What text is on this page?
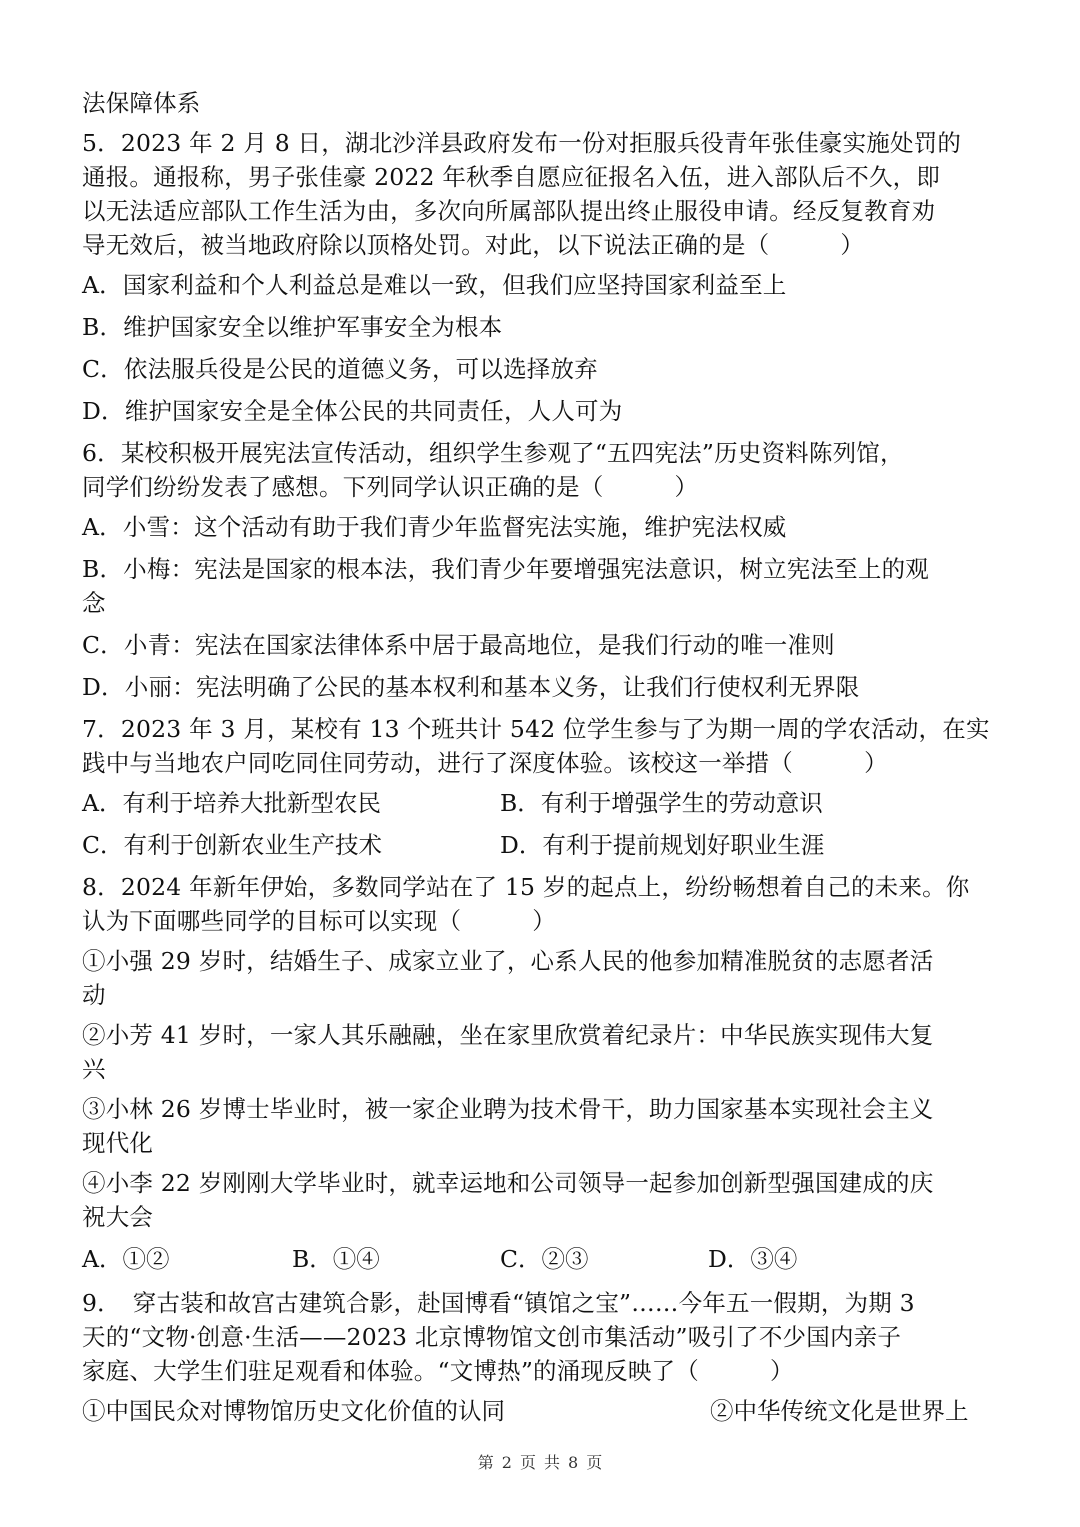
法保障体系
5．2023 年 2 月 8 日，湖北沙洋县政府发布一份对拒服兵役青年张佳豪实施处罚的
通报。通报称，男子张佳豪 2022 年秋季自愿应征报名入伍，进入部队后不久，即
以无法适应部队工作生活为由，多次向所属部队提出终止服役申请。经反复教育劝
导无效后，被当地政府除以顶格处罚。对此，以下说法正确的是（　　　）
A．国家利益和个人利益总是难以一致，但我们应坚持国家利益至上
B．维护国家安全以维护军事安全为根本
C．依法服兵役是公民的道德义务，可以选择放弃
D．维护国家安全是全体公民的共同责任，人人可为
6．某校积极开展宪法宣传活动，组织学生参观了“五四宪法”历史资料陈列馆，
同学们纷纷发表了感想。下列同学认识正确的是（　　　）
A．小雪：这个活动有助于我们青少年监督宪法实施，维护宪法权威
B．小梅：宪法是国家的根本法，我们青少年要增强宪法意识，树立宪法至上的观
念
C．小青：宪法在国家法律体系中居于最高地位，是我们行动的唯一准则
D．小丽：宪法明确了公民的基本权利和基本义务，让我们行使权利无界限
7．2023 年 3 月，某校有 13 个班共计 542 位学生参与了为期一周的学农活动，在实
践中与当地农户同吃同住同劳动，进行了深度体验。该校这一举措（　　　）
A．有利于培养大批新型农民	B．有利于增强学生的劳动意识
C．有利于创新农业生产技术	D．有利于提前规划好职业生涯
8．2024 年新年伊始，多数同学站在了 15 岁的起点上，纷纷畅想着自己的未来。你
认为下面哪些同学的目标可以实现（　　　）
①小强 29 岁时，结婚生子、成家立业了，心系人民的他参加精准脱贫的志愿者活
动
②小芳 41 岁时，一家人其乐融融，坐在家里欣赏着纪录片：中华民族实现伟大复
兴
③小林 26 岁博士毕业时，被一家企业聘为技术骨干，助力国家基本实现社会主义
现代化
④小李 22 岁刚刚大学毕业时，就幸运地和公司领导一起参加创新型强国建成的庆
祝大会
A．①②	B．①④	C．②③	D．③④
9．　穿古装和故宫古建筑合影，赴国博看“镇馆之宝”……今年五一假期，为期 3
天的“文物·创意·生活——2023 北京博物馆文创市集活动”吸引了不少国内亲子
家庭、大学生们驻足观看和体验。“文博热”的涌现反映了（　　　）
①中国民众对博物馆历史文化价值的认同	②中华传统文化是世界上
第 2 页 共 8 页
